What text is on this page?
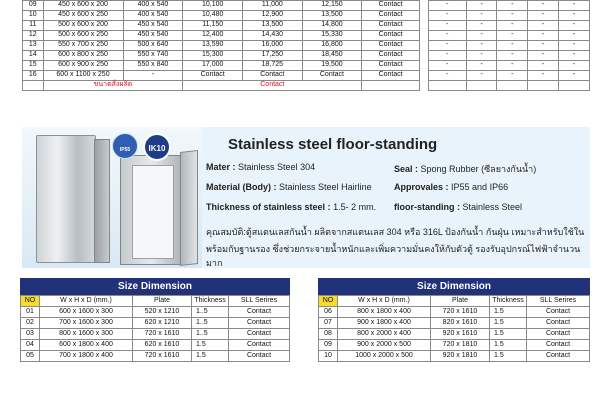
09	450 x 600 x 200	400 x 540	10,100	11,000	12,150	Contact
10	450 x 600 x 250	400 x 540	10,480	12,900	13,500	Contact
11	500 x 600 x 200	450 x 540	11,150	13,500	14,800	Contact
12	500 x 600 x 250	450 x 540	12,400	14,430	15,330	Contact
13	550 x 700 x 250	500 x 640	13,590	16,000	16,800	Contact
14	600 x 800 x 250	550 x 740	15,300	17,250	18,450	Contact
15	600 x 900 x 250	550 x 840	17,000	18,725	19,500	Contact
16	600 x 1100 x 250	-	Contact	Contact	Contact	Contact
	ขนาดสั่งผลิต		Contact			
-	-	-	-	-
-	-	-	-	-
-	-	-	-	-
-	-	-	-	-
-	-	-	-	-
-	-	-	-	-
-	-	-	-	-
-	-	-	-	-

IP55	IK10	Stainless steel floor-standing
Mater : Stainless Steel 304
Material (Body) : Stainless Steel Hairline
Thickness of stainless steel : 1.5- 2 mm.
Seal : Spong Rubber (ซีลยางกันน้ำ)
Approvales : IP55 and IP66
floor-standing : Stainless Steel
คุณสมบัติ:ตู้สแตนเลสกันน้ำ ผลิตจากสแตนเลส 304 หรือ 316L ป้องกันน้ำ กันฝุ่น เหมาะสำหรับใช้ใน
พร้อมกับฐานรอง ซึ่งช่วยกระจายน้ำหนักและเพิ่มความมั่นคงให้กับตัวตู้ รองรับอุปกรณ์ไฟฟ้าจำนวนมาก
Size Dimension
NO	W x H x D (mm.)	Plate	Thickness	SLL Serires
01	600 x 1600 x 300	520 x 1210	1..5	Contact
02	700 x 1600 x 300	620 x 1210	1..5	Contact
03	800 x 1600 x 300	720 x 1610	1..5	Contact
04	600 x 1800 x 400	620 x 1610	1.5	Contact
05	700 x 1800 x 400	720 x 1610	1.5	Contact
Size Dimension
NO	W x H x D (mm.)	Plate	Thickness	SLL Serires
06	800 x 1800 x 400	720 x 1610	1.5	Contact
07	900 x 1800 x 400	820 x 1610	1.5	Contact
08	800 x 2000 x 400	920 x 1610	1.5	Contact
09	900 x 2000 x 500	720 x 1810	1.5	Contact
10	1000 x 2000 x 500	920 x 1810	1.5	Contact
